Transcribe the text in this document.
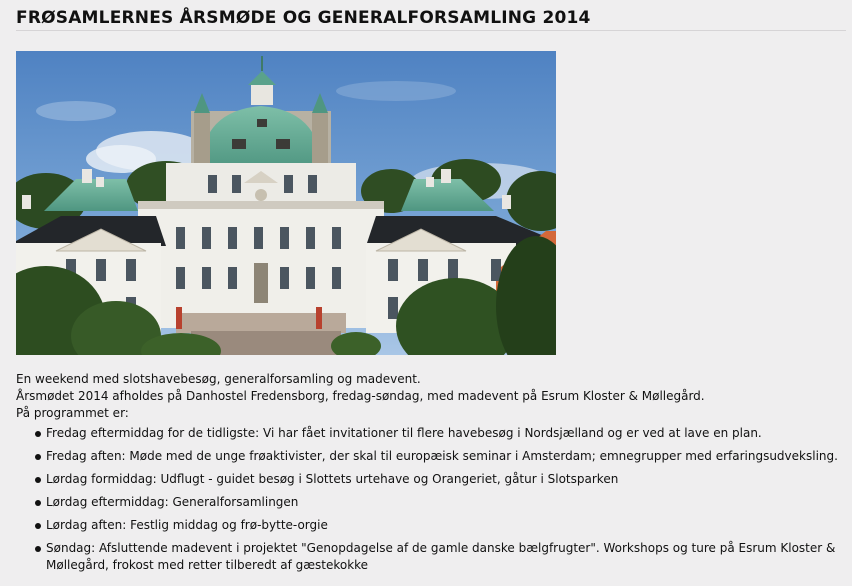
FRØSAMLERNES ÅRSMØDE OG GENERALFORSAMLING 2014

En weekend med slotshavebesøg, generalforsamling og madevent.

Årsmødet 2014 afholdes på Danhostel Fredensborg, fredag-søndag, med madevent på Esrum Kloster & Møllegård.

På programmet er:

Fredag eftermiddag for de tidligste: Vi har fået invitationer til flere havebesøg i Nordsjælland og er ved at lave en plan.
Fredag aften: Møde med de unge frøaktivister, der skal til europæisk seminar i Amsterdam; emnegrupper med erfaringsudveksling.
Lørdag formiddag: Udflugt - guidet besøg i Slottets urtehave og Orangeriet, gåtur i Slotsparken
Lørdag eftermiddag: Generalforsamlingen
Lørdag aften: Festlig middag og frø-bytte-orgie
Søndag: Afsluttende madevent i projektet "Genopdagelse af de gamle danske bælgfrugter". Workshops og ture på Esrum Kloster & Møllegård, frokost med retter tilberedt af gæstekokke
